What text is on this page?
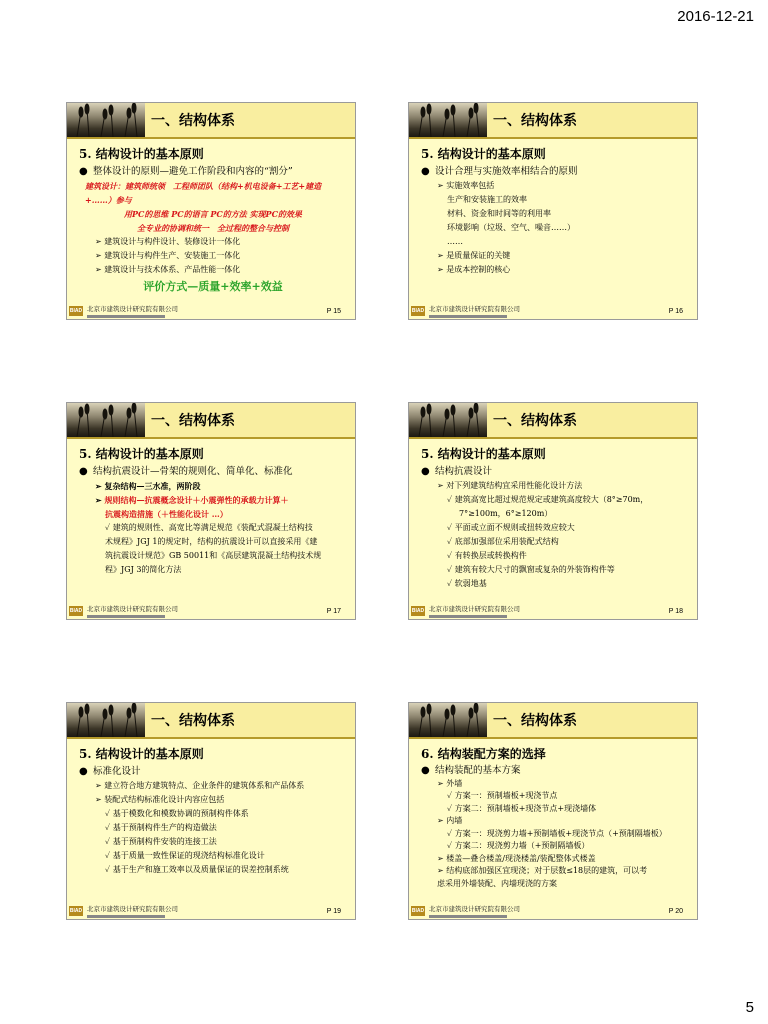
2016-12-21
5
一、结构体系
5. 结构设计的基本原则
● 整体设计的原则—避免工作阶段和内容的“割分”
建筑设计：建筑师统领　工程师团队（结构+机电设备+工艺+建造+……）参与
用PC的思维 PC的语言 PC的方法 实现PC的效果
全专业的协调和统一　全过程的整合与控制
➢ 建筑设计与构件设计、装修设计一体化
➢ 建筑设计与构件生产、安装施工一体化
➢ 建筑设计与技术体系、产品性能一体化
评价方式—质量+效率+效益
BIAD 北京市建筑设计研究院有限公司	P 15
一、结构体系
5. 结构设计的基本原则
● 设计合理与实施效率相结合的原则
➢ 实施效率包括
生产和安装施工的效率
材料、资金和时间等的利用率
环境影响（垃圾、空气、噪音……）
……
➢ 是质量保证的关键
➢ 是成本控制的核心
BIAD 北京市建筑设计研究院有限公司	P 16
一、结构体系
5. 结构设计的基本原则
● 结构抗震设计—骨架的规则化、简单化、标准化
➢ 复杂结构—三水准，两阶段
➢ 规则结构—抗震概念设计＋小震弹性的承载力计算＋
抗震构造措施（＋性能化设计 …）
✓ 建筑的规则性、高宽比等满足规范《装配式混凝土结构技
术规程》JGJ 1的规定时，结构的抗震设计可以直接采用《建
筑抗震设计规范》GB 50011和《高层建筑混凝土结构技术规
程》JGJ 3的简化方法
BIAD 北京市建筑设计研究院有限公司	P 17
一、结构体系
5. 结构设计的基本原则
● 结构抗震设计
➢ 对下列建筑结构宜采用性能化设计方法
✓ 建筑高宽比超过规范规定或建筑高度较大（8°≥70m，
7°≥100m，6°≥120m）
✓ 平面或立面不规则或扭转效应较大
✓ 底部加强部位采用装配式结构
✓ 有转换层或转换构件
✓ 建筑有较大尺寸的飘窗或复杂的外装饰构件等
✓ 软弱地基
BIAD 北京市建筑设计研究院有限公司	P 18
一、结构体系
5. 结构设计的基本原则
● 标准化设计
➢ 建立符合地方建筑特点、企业条件的建筑体系和产品体系
➢ 装配式结构标准化设计内容应包括
✓ 基于模数化和模数协调的预制构件体系
✓ 基于预制构件生产的构造做法
✓ 基于预制构件安装的连接工法
✓ 基于质量一致性保证的现浇结构标准化设计
✓ 基于生产和施工效率以及质量保证的误差控制系统
BIAD 北京市建筑设计研究院有限公司	P 19
一、结构体系
6. 结构装配方案的选择
● 结构装配的基本方案
➢ 外墙
✓ 方案一：预制墙板+现浇节点
✓ 方案二：预制墙板+现浇节点+现浇墙体
➢ 内墙
✓ 方案一：现浇剪力墙+预制墙板+现浇节点（+预制隔墙板）
✓ 方案二：现浇剪力墙（+预制隔墙板）
➢ 楼盖—叠合楼盖/现浇楼盖/装配整体式楼盖
➢ 结构底部加强区宜现浇；对于层数≤18层的建筑，可以考
虑采用外墙装配、内墙现浇的方案
BIAD 北京市建筑设计研究院有限公司	P 20
